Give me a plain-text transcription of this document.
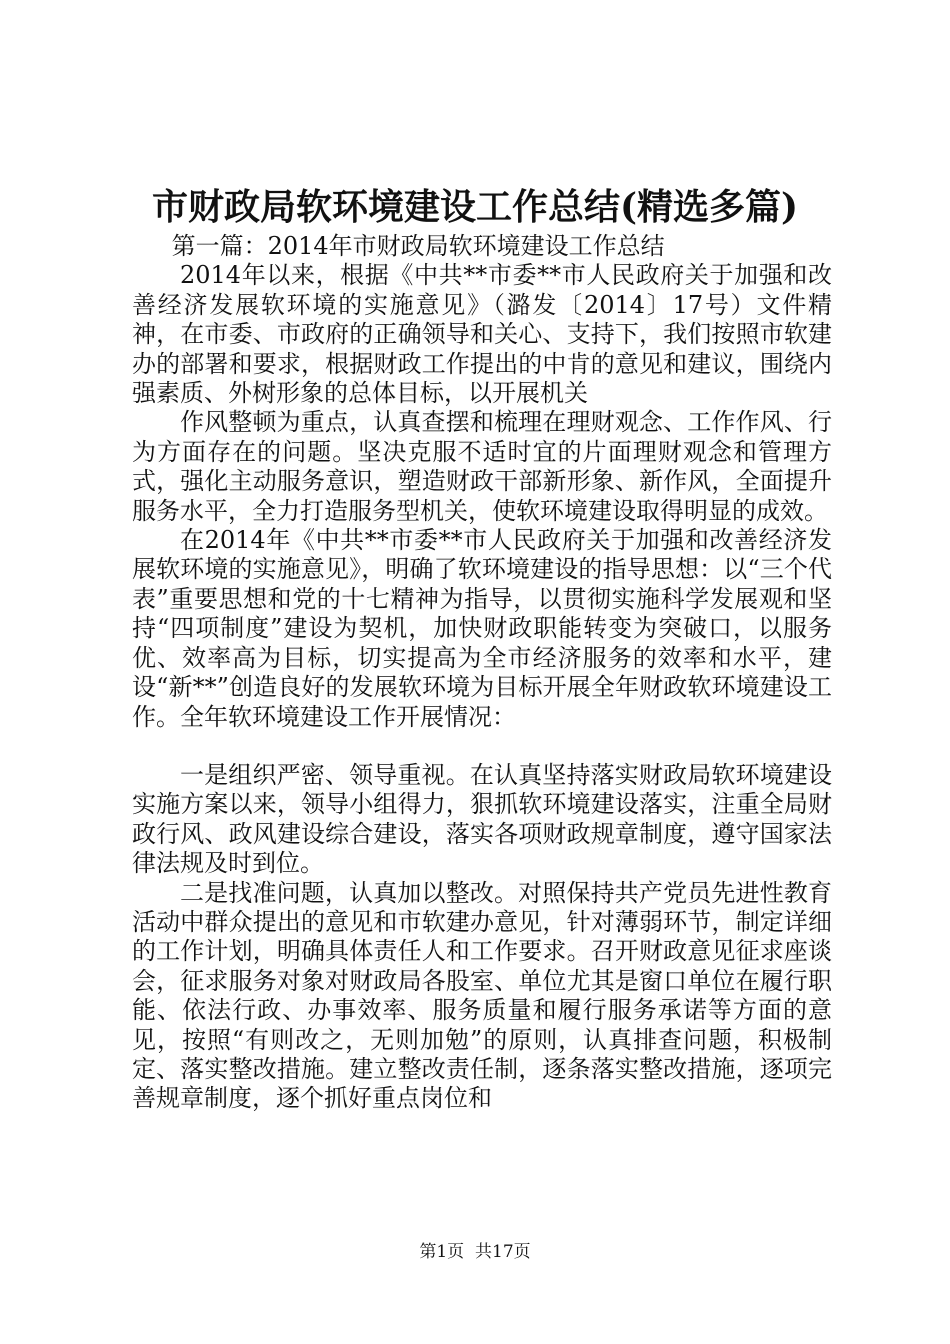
市财政局软环境建设工作总结(精选多篇)

第一篇：2014年市财政局软环境建设工作总结

2014年以来，根据《中共**市委**市人民政府关于加强和改善经济发展软环境的实施意见》（潞发〔2014〕17号）文件精神，在市委、市政府的正确领导和关心、支持下，我们按照市软建办的部署和要求，根据财政工作提出的中肯的意见和建议，围绕内强素质、外树形象的总体目标，以开展机关

作风整顿为重点，认真查摆和梳理在理财观念、工作作风、行为方面存在的问题。坚决克服不适时宜的片面理财观念和管理方式，强化主动服务意识，塑造财政干部新形象、新作风，全面提升服务水平，全力打造服务型机关，使软环境建设取得明显的成效。

在2014年《中共**市委**市人民政府关于加强和改善经济发展软环境的实施意见》，明确了软环境建设的指导思想：以“三个代表”重要思想和党的十七精神为指导，以贯彻实施科学发展观和坚持“四项制度”建设为契机，加快财政职能转变为突破口，以服务优、效率高为目标，切实提高为全市经济服务的效率和水平，建设“新**”创造良好的发展软环境为目标开展全年财政软环境建设工作。全年软环境建设工作开展情况：

一是组织严密、领导重视。在认真坚持落实财政局软环境建设实施方案以来，领导小组得力，狠抓软环境建设落实，注重全局财政行风、政风建设综合建设，落实各项财政规章制度，遵守国家法律法规及时到位。

二是找准问题，认真加以整改。对照保持共产党员先进性教育活动中群众提出的意见和市软建办意见，针对薄弱环节，制定详细的工作计划，明确具体责任人和工作要求。召开财政意见征求座谈会，征求服务对象对财政局各股室、单位尤其是窗口单位在履行职能、依法行政、办事效率、服务质量和履行服务承诺等方面的意见，按照“有则改之，无则加勉”的原则，认真排查问题，积极制定、落实整改措施。建立整改责任制，逐条落实整改措施，逐项完善规章制度，逐个抓好重点岗位和

第1页 共17页
